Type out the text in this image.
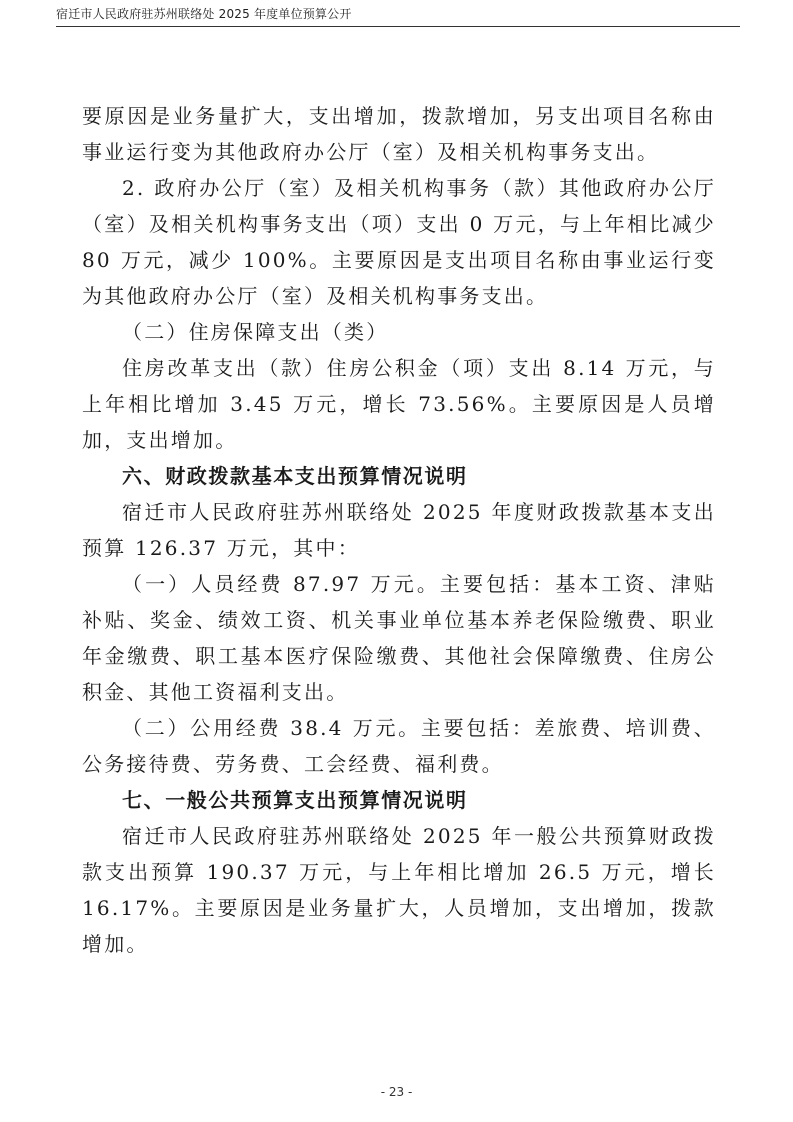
宿迁市人民政府驻苏州联络处 2025 年度单位预算公开

要原因是业务量扩大，支出增加，拨款增加，另支出项目名称由事业运行变为其他政府办公厅（室）及相关机构事务支出。

2. 政府办公厅（室）及相关机构事务（款）其他政府办公厅（室）及相关机构事务支出（项）支出 0 万元，与上年相比减少 80 万元，减少 100%。主要原因是支出项目名称由事业运行变为其他政府办公厅（室）及相关机构事务支出。

（二）住房保障支出（类）

住房改革支出（款）住房公积金（项）支出 8.14 万元，与上年相比增加 3.45 万元，增长 73.56%。主要原因是人员增加，支出增加。

六、财政拨款基本支出预算情况说明

宿迁市人民政府驻苏州联络处 2025 年度财政拨款基本支出预算 126.37 万元，其中：

（一）人员经费 87.97 万元。主要包括：基本工资、津贴补贴、奖金、绩效工资、机关事业单位基本养老保险缴费、职业年金缴费、职工基本医疗保险缴费、其他社会保障缴费、住房公积金、其他工资福利支出。

（二）公用经费 38.4 万元。主要包括：差旅费、培训费、公务接待费、劳务费、工会经费、福利费。

七、一般公共预算支出预算情况说明

宿迁市人民政府驻苏州联络处 2025 年一般公共预算财政拨款支出预算 190.37 万元，与上年相比增加 26.5 万元，增长 16.17%。主要原因是业务量扩大，人员增加，支出增加，拨款增加。

- 23 -
